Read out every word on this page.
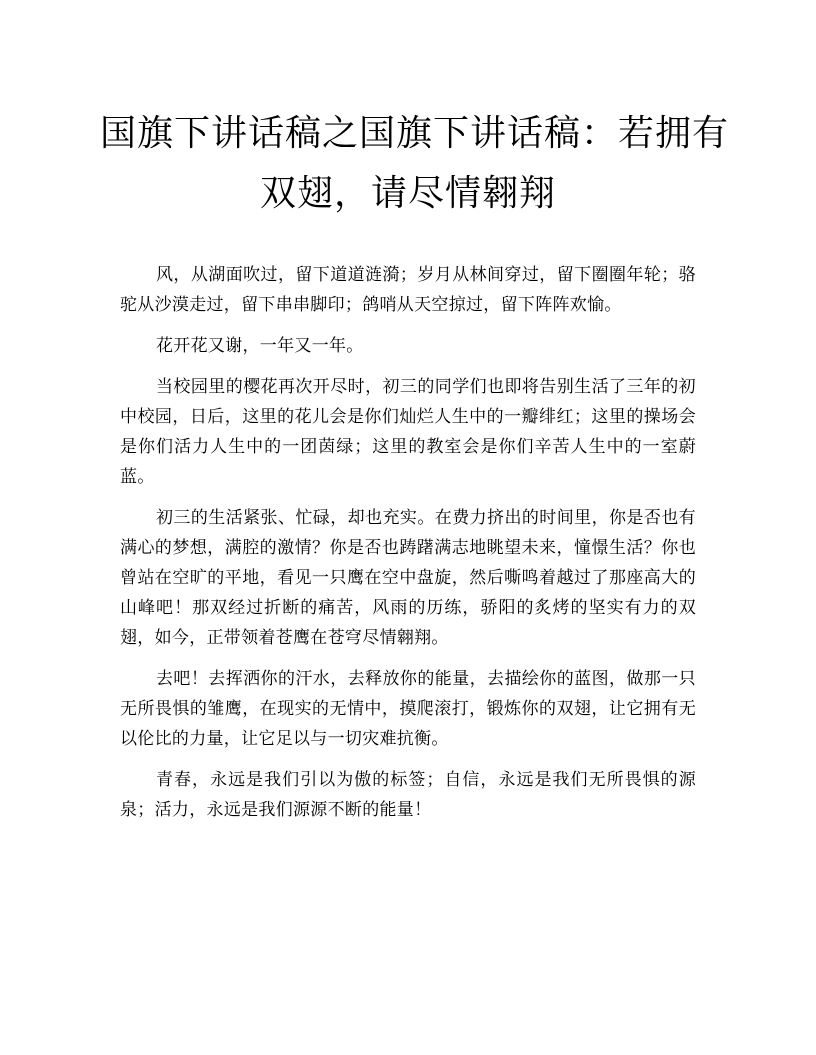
国旗下讲话稿之国旗下讲话稿：若拥有
双翅，请尽情翱翔

风，从湖面吹过，留下道道涟漪；岁月从林间穿过，留下圈圈年轮；骆驼从沙漠走过，留下串串脚印；鸽哨从天空掠过，留下阵阵欢愉。

花开花又谢，一年又一年。

当校园里的樱花再次开尽时，初三的同学们也即将告别生活了三年的初中校园，日后，这里的花儿会是你们灿烂人生中的一瓣绯红；这里的操场会是你们活力人生中的一团茵绿；这里的教室会是你们辛苦人生中的一室蔚蓝。

初三的生活紧张、忙碌，却也充实。在费力挤出的时间里，你是否也有满心的梦想，满腔的激情？你是否也踌躇满志地眺望未来，憧憬生活？你也曾站在空旷的平地，看见一只鹰在空中盘旋，然后嘶鸣着越过了那座高大的山峰吧！那双经过折断的痛苦，风雨的历练，骄阳的炙烤的坚实有力的双翅，如今，正带领着苍鹰在苍穹尽情翱翔。

去吧！去挥洒你的汗水，去释放你的能量，去描绘你的蓝图，做那一只无所畏惧的雏鹰，在现实的无情中，摸爬滚打，锻炼你的双翅，让它拥有无以伦比的力量，让它足以与一切灾难抗衡。

青春，永远是我们引以为傲的标签；自信，永远是我们无所畏惧的源泉；活力，永远是我们源源不断的能量！
